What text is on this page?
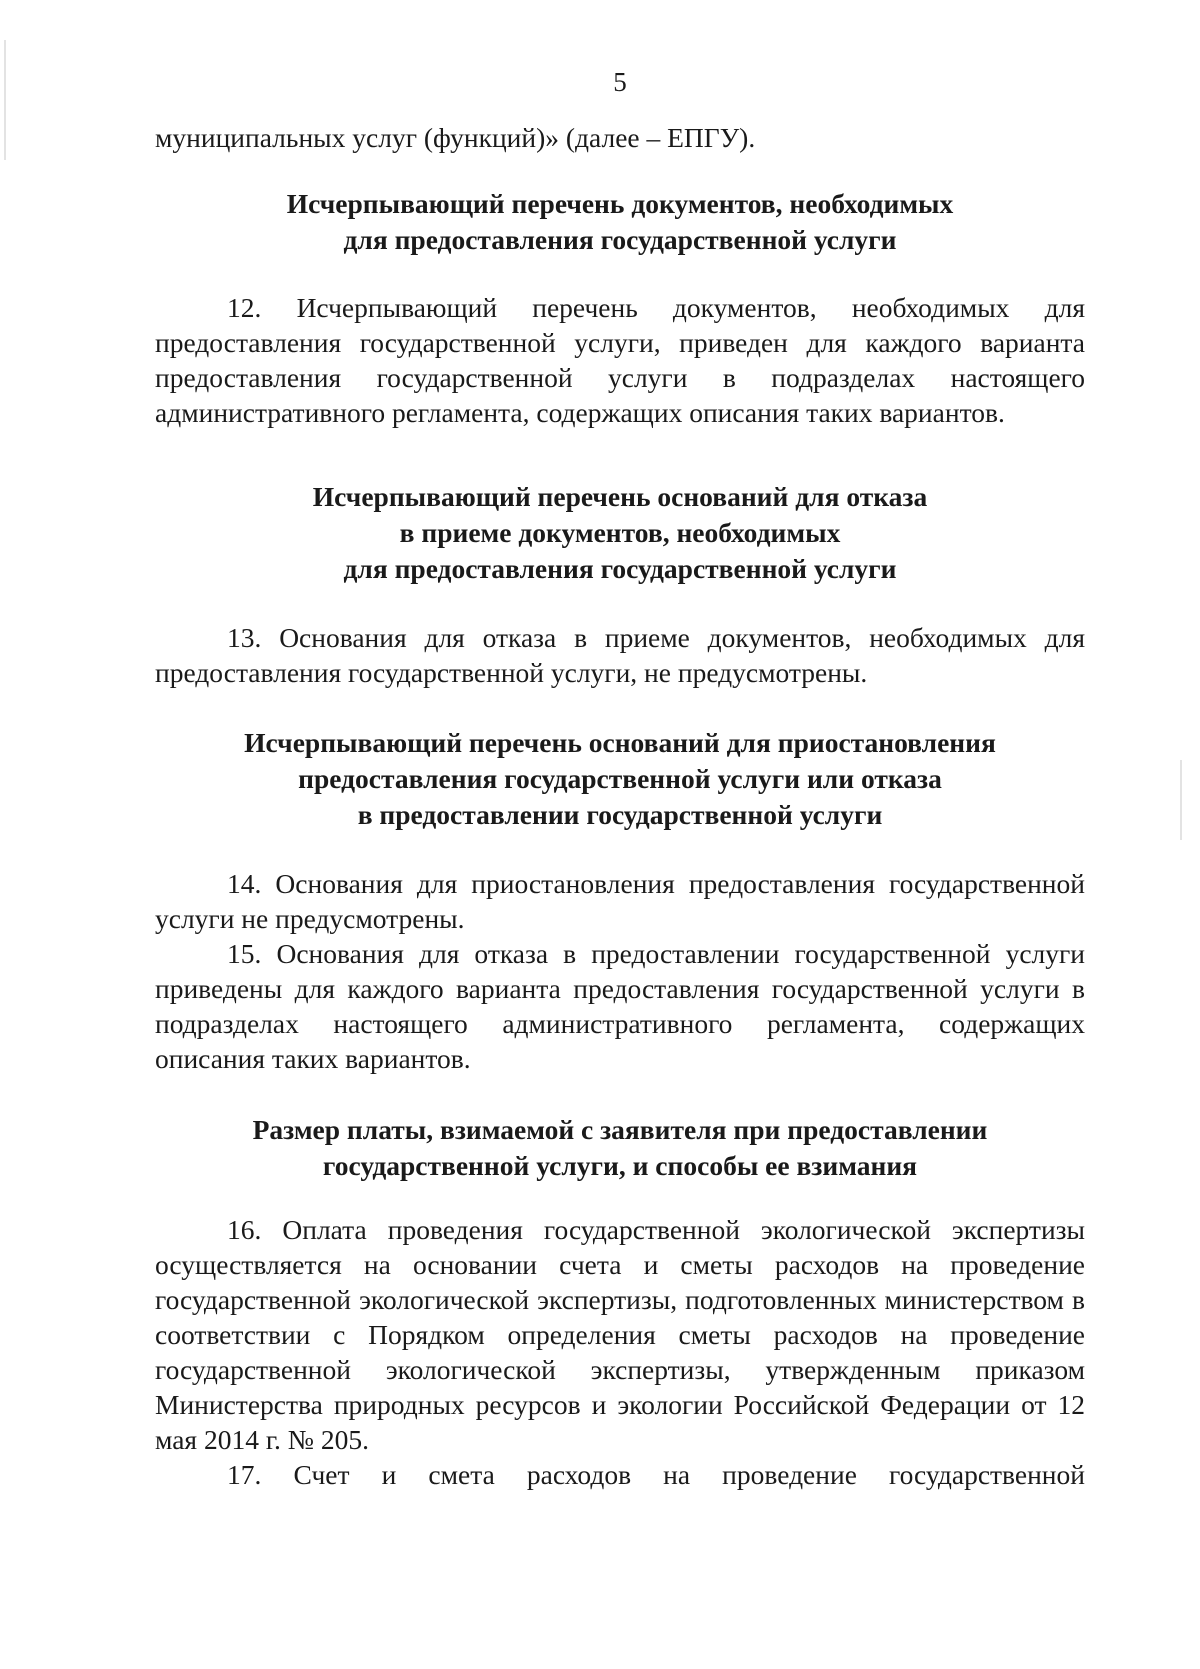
5
муниципальных услуг (функций)» (далее – ЕПГУ).
Исчерпывающий перечень документов, необходимых
для предоставления государственной услуги
12. Исчерпывающий перечень документов, необходимых для предоставления государственной услуги, приведен для каждого варианта предоставления государственной услуги в подразделах настоящего административного регламента, содержащих описания таких вариантов.
Исчерпывающий перечень оснований для отказа
в приеме документов, необходимых
для предоставления государственной услуги
13. Основания для отказа в приеме документов, необходимых для предоставления государственной услуги, не предусмотрены.
Исчерпывающий перечень оснований для приостановления
предоставления государственной услуги или отказа
в предоставлении государственной услуги
14. Основания для приостановления предоставления государственной услуги не предусмотрены.
15. Основания для отказа в предоставлении государственной услуги приведены для каждого варианта предоставления государственной услуги в подразделах настоящего административного регламента, содержащих описания таких вариантов.
Размер платы, взимаемой с заявителя при предоставлении
государственной услуги, и способы ее взимания
16. Оплата проведения государственной экологической экспертизы осуществляется на основании счета и сметы расходов на проведение государственной экологической экспертизы, подготовленных министерством в соответствии с Порядком определения сметы расходов на проведение государственной экологической экспертизы, утвержденным приказом Министерства природных ресурсов и экологии Российской Федерации от 12 мая 2014 г. № 205.
17. Счет и смета расходов на проведение государственной
